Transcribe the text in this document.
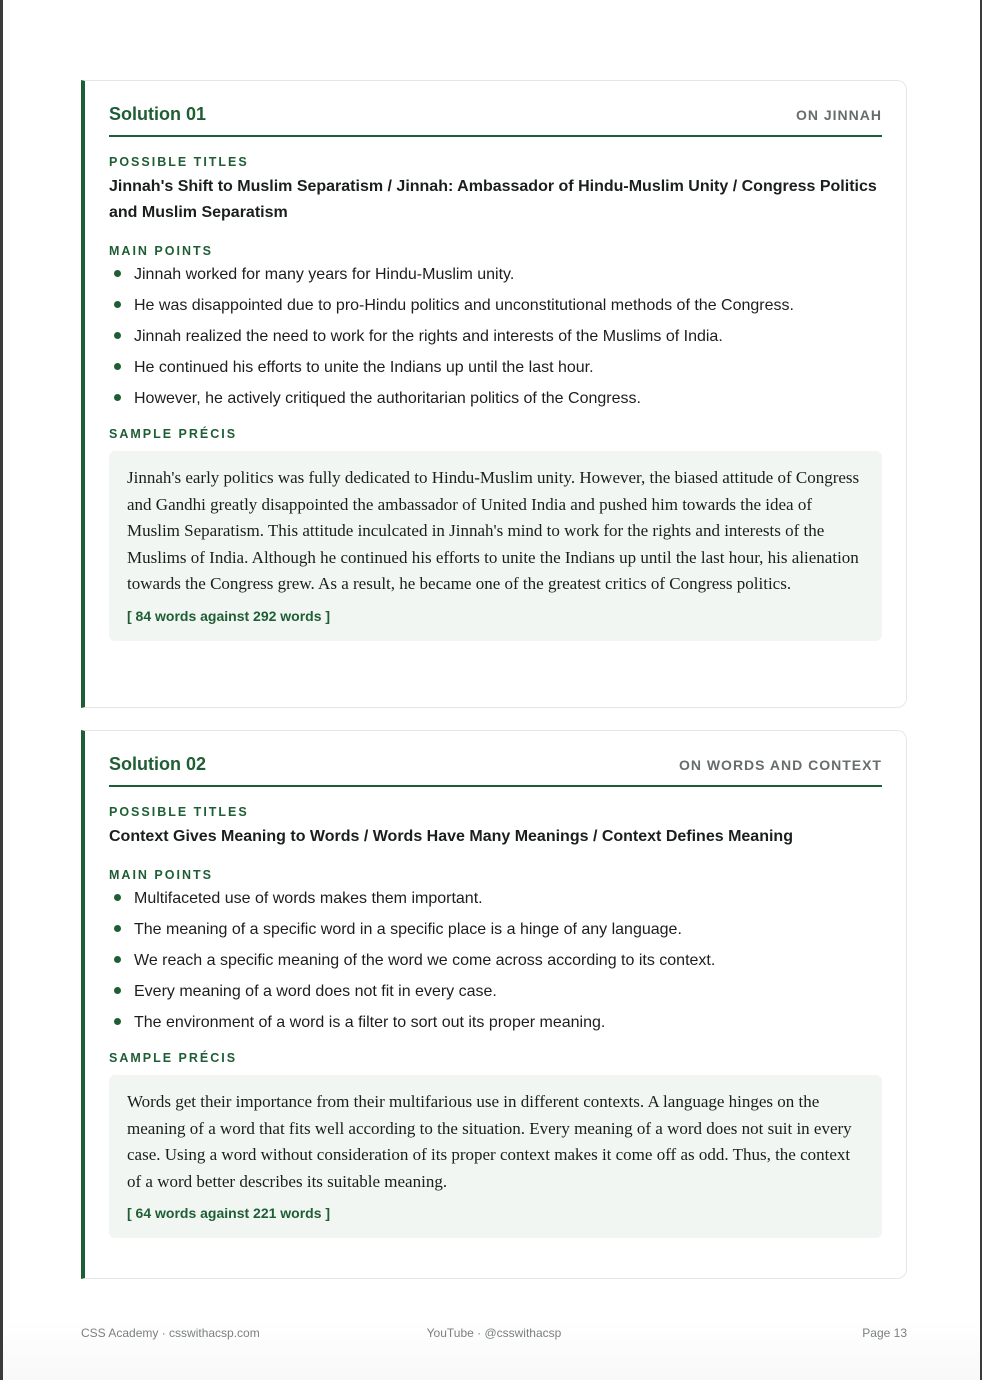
Solution 01	ON JINNAH
POSSIBLE TITLES
Jinnah's Shift to Muslim Separatism / Jinnah: Ambassador of Hindu-Muslim Unity / Congress Politics and Muslim Separatism
MAIN POINTS
Jinnah worked for many years for Hindu-Muslim unity.
He was disappointed due to pro-Hindu politics and unconstitutional methods of the Congress.
Jinnah realized the need to work for the rights and interests of the Muslims of India.
He continued his efforts to unite the Indians up until the last hour.
However, he actively critiqued the authoritarian politics of the Congress.
SAMPLE PRÉCIS
Jinnah's early politics was fully dedicated to Hindu-Muslim unity. However, the biased attitude of Congress and Gandhi greatly disappointed the ambassador of United India and pushed him towards the idea of Muslim Separatism. This attitude inculcated in Jinnah's mind to work for the rights and interests of the Muslims of India. Although he continued his efforts to unite the Indians up until the last hour, his alienation towards the Congress grew. As a result, he became one of the greatest critics of Congress politics.
[ 84 words against 292 words ]
Solution 02	ON WORDS AND CONTEXT
POSSIBLE TITLES
Context Gives Meaning to Words / Words Have Many Meanings / Context Defines Meaning
MAIN POINTS
Multifaceted use of words makes them important.
The meaning of a specific word in a specific place is a hinge of any language.
We reach a specific meaning of the word we come across according to its context.
Every meaning of a word does not fit in every case.
The environment of a word is a filter to sort out its proper meaning.
SAMPLE PRÉCIS
Words get their importance from their multifarious use in different contexts. A language hinges on the meaning of a word that fits well according to the situation. Every meaning of a word does not suit in every case. Using a word without consideration of its proper context makes it come off as odd. Thus, the context of a word better describes its suitable meaning.
[ 64 words against 221 words ]
CSS Academy · csswithacsp.com	YouTube · @csswithacsp	Page 13
